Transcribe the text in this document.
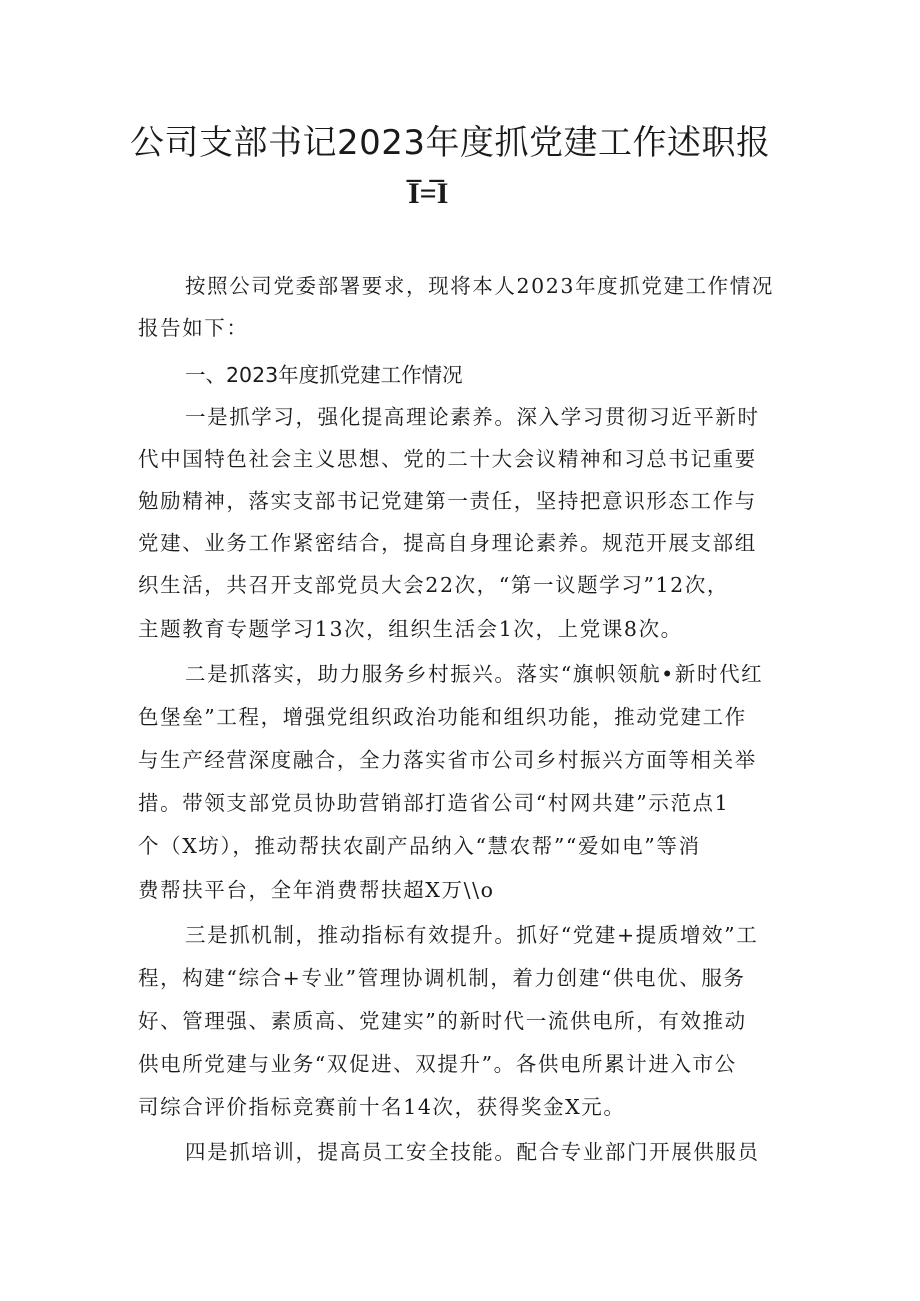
公司支部书记2023年度抓党建工作述职报
I̅=̅I
按照公司党委部署要求，现将本人2023年度抓党建工作情况
报告如下：
一、2023年度抓党建工作情况
一是抓学习，强化提高理论素养。深入学习贯彻习近平新时
代中国特色社会主义思想、党的二十大会议精神和习总书记重要
勉励精神，落实支部书记党建第一责任，坚持把意识形态工作与
党建、业务工作紧密结合，提高自身理论素养。规范开展支部组
织生活，共召开支部党员大会22次，“第一议题学习”12次，
主题教育专题学习13次，组织生活会1次，上党课8次。
二是抓落实，助力服务乡村振兴。落实“旗帜领航•新时代红
色堡垒”工程，增强党组织政治功能和组织功能，推动党建工作
与生产经营深度融合，全力落实省市公司乡村振兴方面等相关举
措。带领支部党员协助营销部打造省公司“村网共建”示范点1
个（X坊），推动帮扶农副产品纳入“慧农帮”“爱如电”等消
费帮扶平台，全年消费帮扶超X万\\o
三是抓机制，推动指标有效提升。抓好“党建+提质增效”工
程，构建“综合+专业”管理协调机制，着力创建“供电优、服务
好、管理强、素质高、党建实”的新时代一流供电所，有效推动
供电所党建与业务“双促进、双提升”。各供电所累计进入市公
司综合评价指标竞赛前十名14次，获得奖金X元。
四是抓培训，提高员工安全技能。配合专业部门开展供服员
